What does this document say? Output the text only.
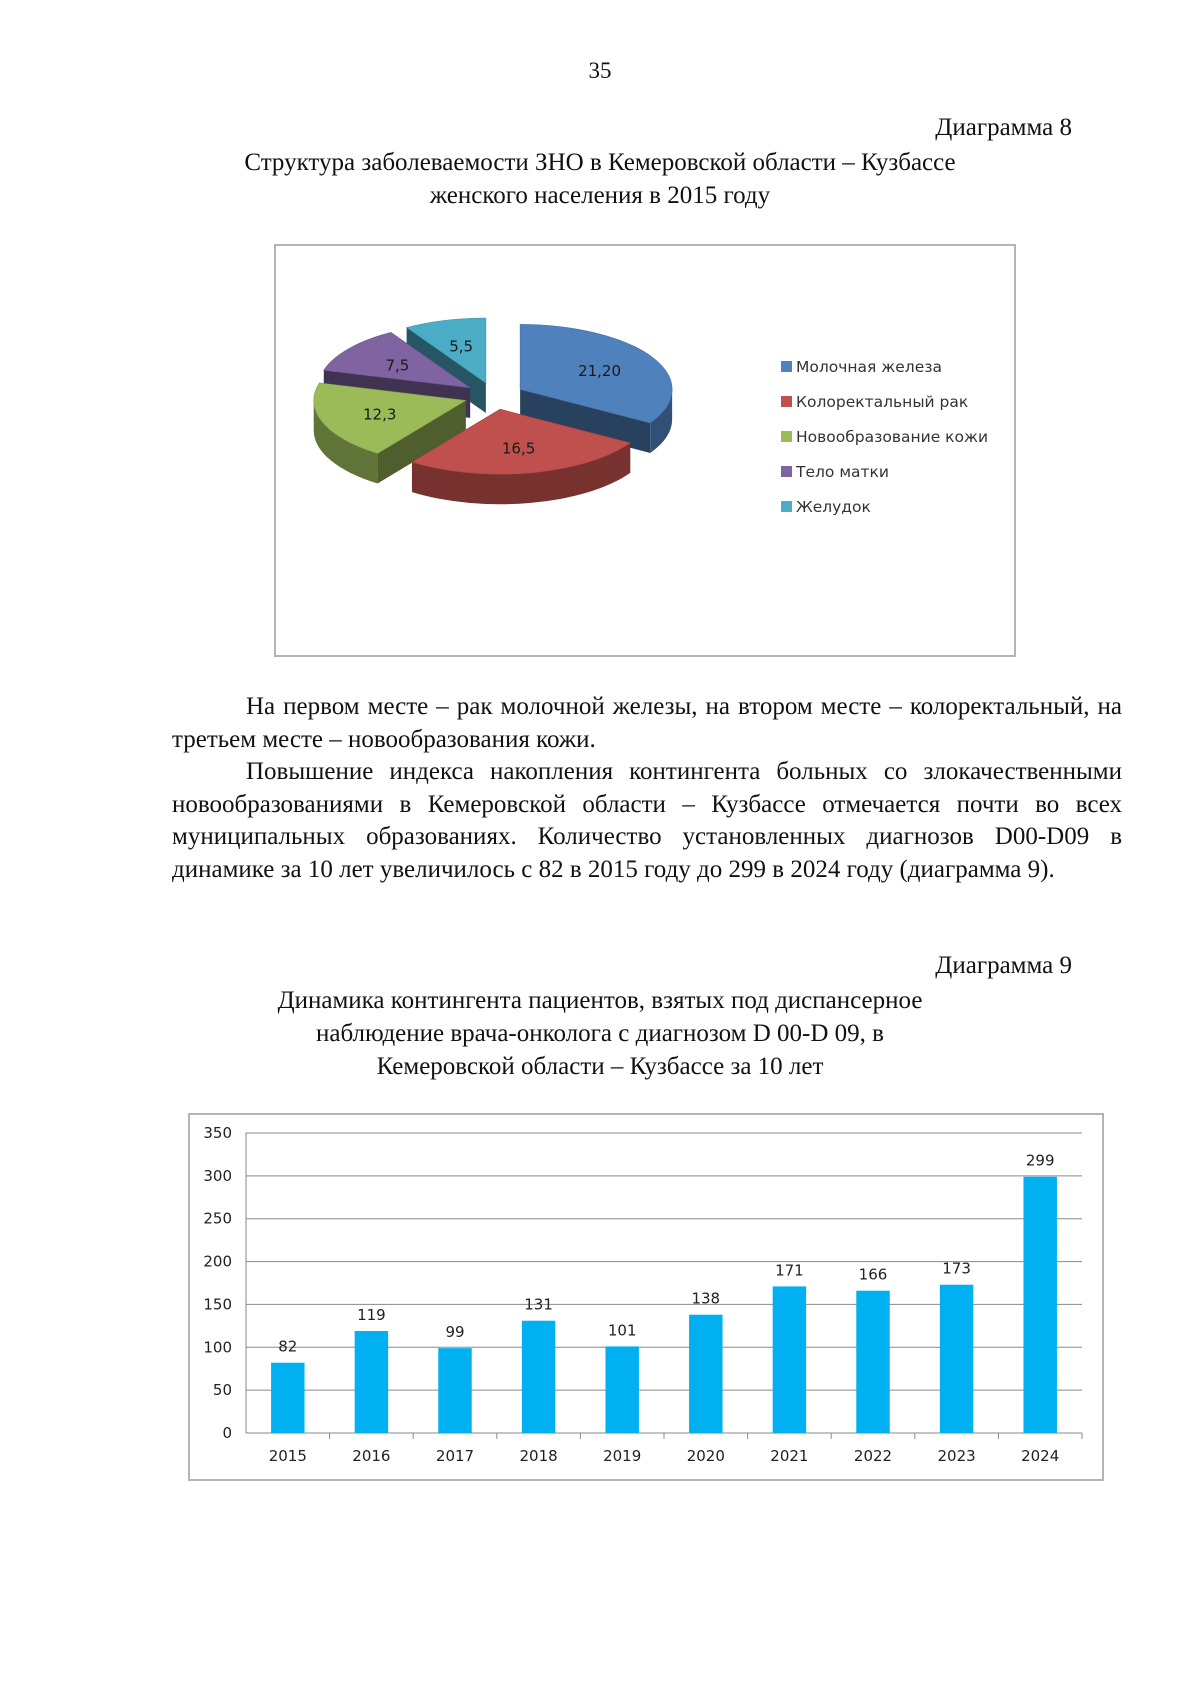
35
Диаграмма 8
Структура заболеваемости ЗНО в Кемеровской области – Кузбассе
женского населения в 2015 году
21,20
16,5
12,3
7,5
5,5
Молочная железа
Колоректальный рак
Новообразование кожи
Тело матки
Желудок

На первом месте – рак молочной железы, на втором месте – колоректальный, на третьем месте – новообразования кожи.

Повышение индекса накопления контингента больных со злокачественными новообразованиями в Кемеровской области – Кузбассе отмечается почти во всех муниципальных образованиях. Количество установленных диагнозов D00-D09 в динамике за 10 лет увеличилось с 82 в 2015 году до 299 в 2024 году (диаграмма 9).

Диаграмма 9
Динамика контингента пациентов, взятых под диспансерное
наблюдение врача-онколога с диагнозом D 00-D 09, в
Кемеровской области – Кузбассе за 10 лет
0
50
100
150
200
250
300
350
82
119
99
131
101
138
171	166	173
299
2015	2016	2017	2018	2019	2020	2021	2022	2023	2024
